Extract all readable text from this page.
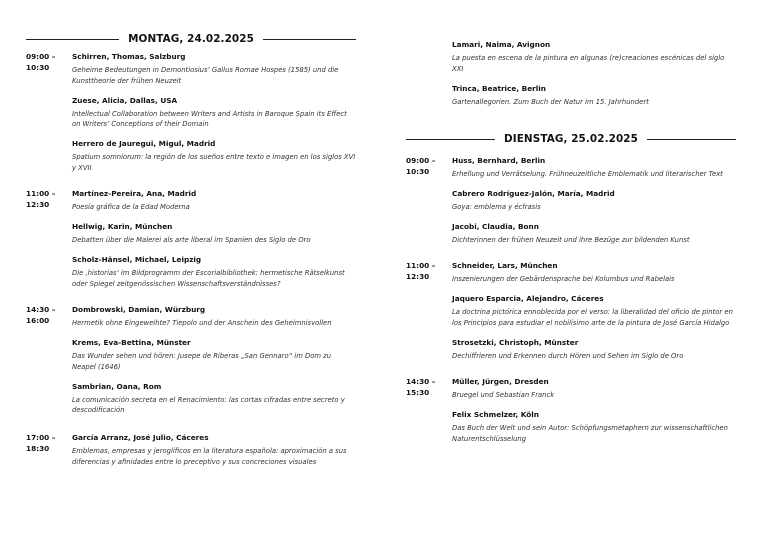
MONTAG, 24.02.2025
09:00 –
10:30
Schirren, Thomas, Salzburg
Geheime Bedeutungen in Demontiosius’ Gallus Romae Hospes (1585) und die Kunsttheorie der frühen Neuzeit
Zuese, Alicia, Dallas, USA
Intellectual Collaboration between Writers and Artists in Baroque Spain its Effect on Writers’ Conceptions of their Domain
Herrero de Jauregui, Migul, Madrid
Spatium somniorum: la región de los sueños entre texto e imagen en los siglos XVI y XVII
11:00 –
12:30
Martínez-Pereira, Ana, Madrid
Poesía gráfica de la Edad Moderna
Hellwig, Karin, München
Debatten über die Malerei als arte liberal im Spanien des Siglo de Oro
Scholz-Hänsel, Michael, Leipzig
Die ‚historias‘ im Bildprogramm der Escorialbibliothek: hermetische Rätselkunst oder Spiegel zeitgenössischen Wissenschaftsverständnisses?
14:30 –
16:00
Dombrowski, Damian, Würzburg
Hermetik ohne Eingeweihte? Tiepolo und der Anschein des Geheimnisvollen
Krems, Eva-Bettina, Münster
Das Wunder sehen und hören: Jusepe de Riberas „San Gennaro“ im Dom zu Neapel (1646)
Sambrian, Oana, Rom
La comunicación secreta en el Renacimiento: las cortas cifradas entre secreto y descodificación
17:00 –
18:30
García Arranz, José Julio, Cáceres
Emblemas, empresas y jeroglíficos en la literatura española: aproximación a sus diferencias y afinidades entre lo preceptivo y sus concreciones visuales
Lamari, Naima, Avignon
La puesta en escena de la pintura en algunas (re)creaciones escénicas del siglo XXI
Trinca, Beatrice, Berlin
Gartenallegorien. Zum Buch der Natur im 15. Jahrhundert
DIENSTAG, 25.02.2025
09:00 –
10:30
Huss, Bernhard, Berlin
Erhellung und Verrätselung. Frühneuzeitliche Emblematik und literarischer Text
Cabrero Rodríguez-Jalón, María, Madrid
Goya: emblema y écfrasis
Jacobi, Claudia, Bonn
Dichterinnen der frühen Neuzeit und ihre Bezüge zur bildenden Kunst
11:00 –
12:30
Schneider, Lars, München
Inszenierungen der Gebärdensprache bei Kolumbus und Rabelais
Jaquero Esparcia, Alejandro, Cáceres
La doctrina pictórica ennoblecida por el verso: la liberalidad del oficio de pintor en los Principios para estudiar el nobilísimo arte de la pintura de José García Hidalgo
Strosetzki, Christoph, Münster
Dechiffrieren und Erkennen durch Hören und Sehen im Siglo de Oro
14:30 –
15:30
Müller, Jürgen, Dresden
Bruegel und Sebastian Franck
Felix Schmelzer, Köln
Das Buch der Welt und sein Autor: Schöpfungsmetaphern zur wissenschaftlichen Naturentschlüsselung
